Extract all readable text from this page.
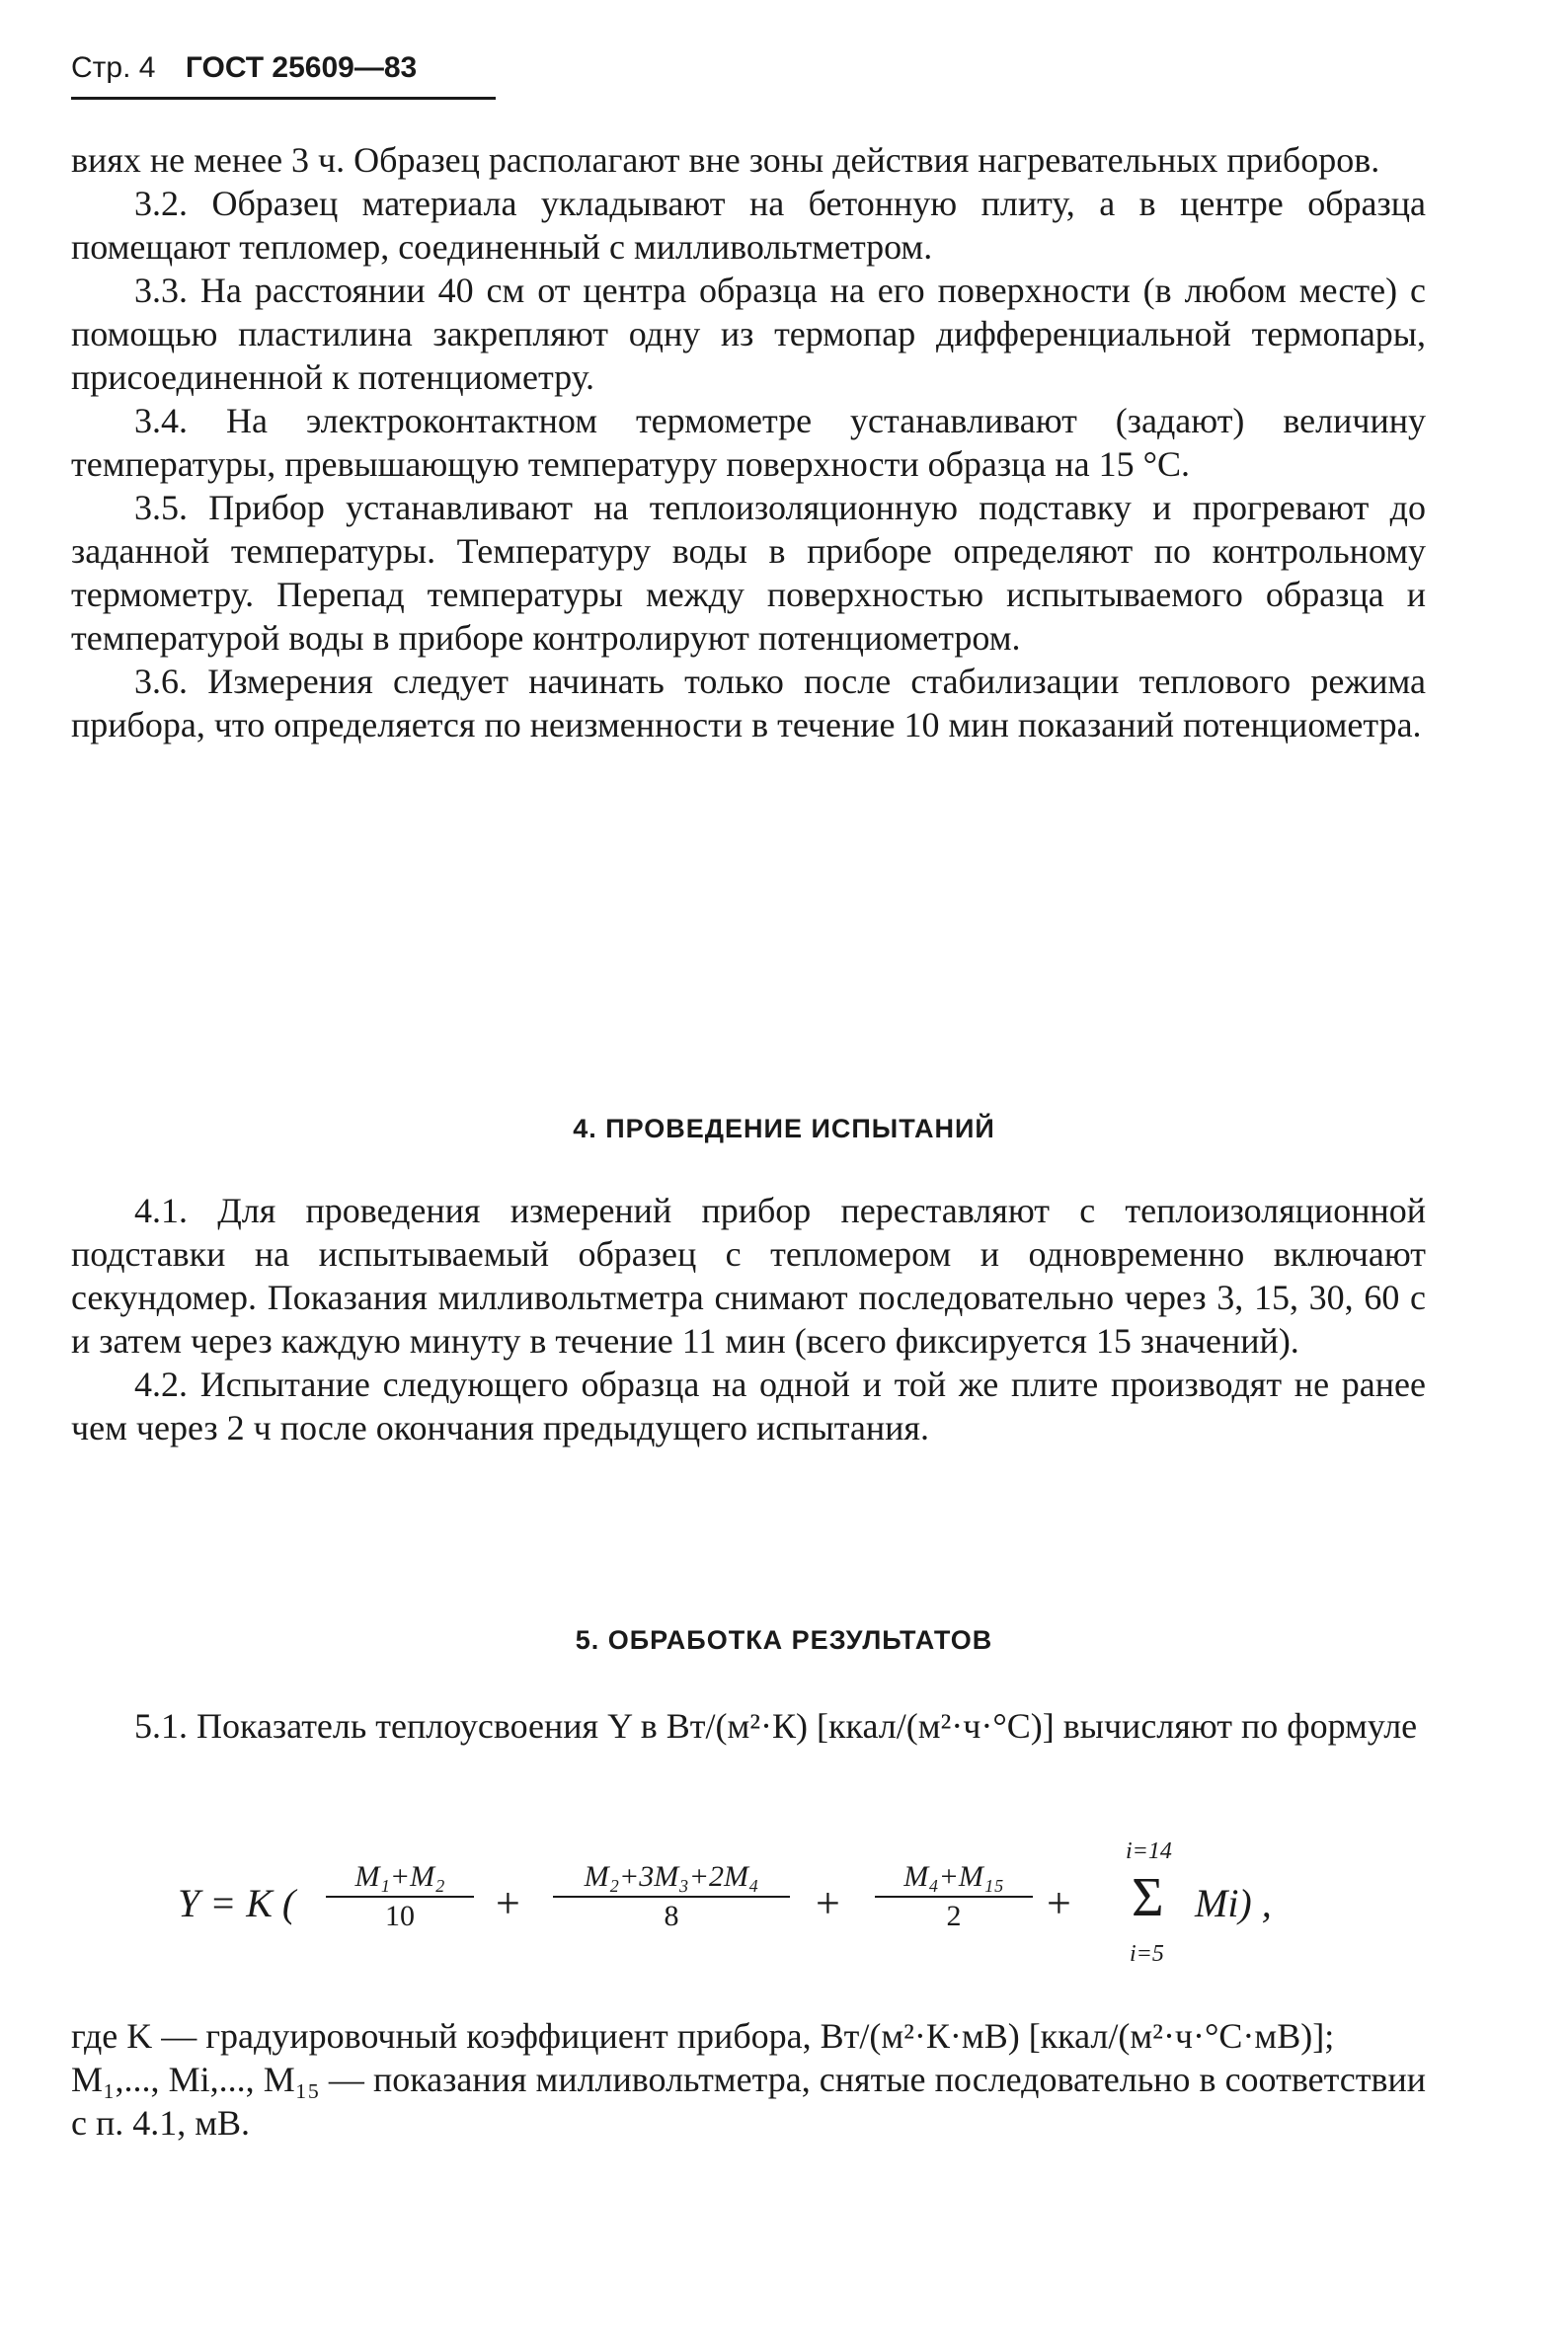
Стр. 4 ГОСТ 25609—83

виях не менее 3 ч. Образец располагают вне зоны действия нагревательных приборов.

3.2. Образец материала укладывают на бетонную плиту, а в центре образца помещают тепломер, соединенный с милливольтметром.

3.3. На расстоянии 40 см от центра образца на его поверхности (в любом месте) с помощью пластилина закрепляют одну из термопар дифференциальной термопары, присоединенной к потенциометру.

3.4. На электроконтактном термометре устанавливают (задают) величину температуры, превышающую температуру поверхности образца на 15 °С.

3.5. Прибор устанавливают на теплоизоляционную подставку и прогревают до заданной температуры. Температуру воды в приборе определяют по контрольному термометру. Перепад температуры между поверхностью испытываемого образца и температурой воды в приборе контролируют потенциометром.

3.6. Измерения следует начинать только после стабилизации теплового режима прибора, что определяется по неизменности в течение 10 мин показаний потенциометра.

4. ПРОВЕДЕНИЕ ИСПЫТАНИЙ

4.1. Для проведения измерений прибор переставляют с теплоизоляционной подставки на испытываемый образец с тепломером и одновременно включают секундомер. Показания милливольтметра снимают последовательно через 3, 15, 30, 60 с и затем через каждую минуту в течение 11 мин (всего фиксируется 15 значений).

4.2. Испытание следующего образца на одной и той же плите производят не ранее чем через 2 ч после окончания предыдущего испытания.

5. ОБРАБОТКА РЕЗУЛЬТАТОВ

5.1. Показатель теплоусвоения Y в Вт/(м²·К) [ккал/(м²·ч·°С)] вычисляют по формуле

Y = K ( $\frac{\text{M₁+M₂}}{10} + \frac{\text{M₂+3M₃+2M₄}}{8} + \frac{\text{M₄+M₁₅}}{2}$ +
i=14
Σ
i=5
Mi) ,

где K — градуировочный коэффициент прибора, Вт/(м²·К·мВ) [ккал/(м²·ч·°С·мВ)];

M₁,..., Mi,..., M₁₅ — показания милливольтметра, снятые последовательно в соответствии с п. 4.1, мВ.
